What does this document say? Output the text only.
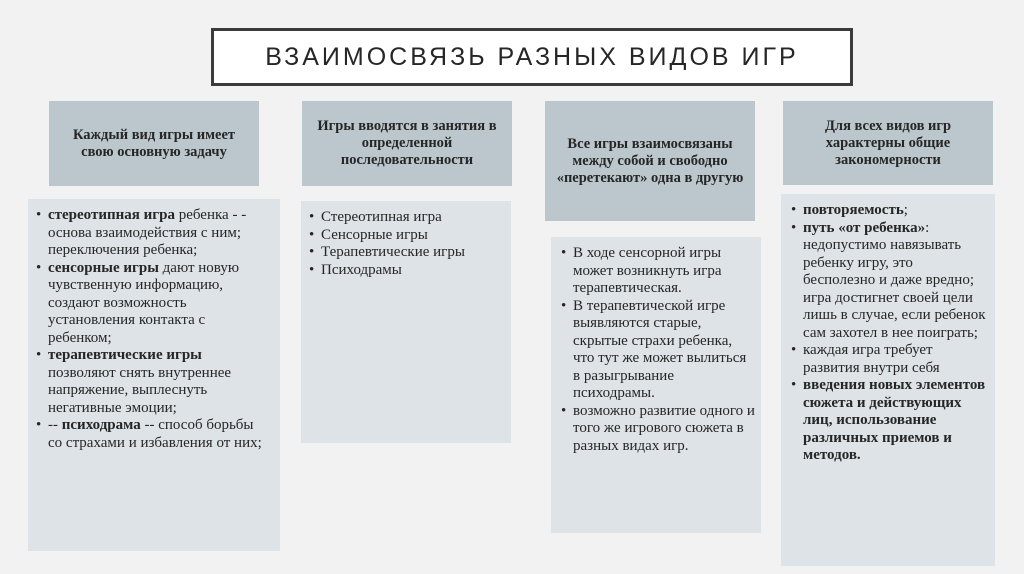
ВЗАИМОСВЯЗЬ РАЗНЫХ ВИДОВ ИГР
Каждый вид игры имеет свою основную задачу
• стереотипная игра ребенка - - основа взаимодействия с ним; переключения ребенка;
• сенсорные игры дают новую чувственную информацию, создают возможность установления контакта с ребенком;
• терапевтические игры позволяют снять внутреннее напряжение, выплеснуть негативные эмоции;
• -- психодрама -- способ борьбы со страхами и избавления от них;
Игры вводятся в занятия в определенной последовательности
• Стереотипная игра
• Сенсорные игры
• Терапевтические игры
• Психодрамы
Все игры взаимосвязаны между собой и свободно «перетекают» одна в другую
• В ходе сенсорной игры может возникнуть игра терапевтическая.
• В терапевтической игре выявляются старые, скрытые страхи ребенка, что тут же может вылиться в разыгрывание психодрамы.
• возможно развитие одного и того же игрового сюжета в разных видах игр.
Для всех видов игр характерны общие закономерности
• повторяемость;
• путь «от ребенка»: недопустимо навязывать ребенку игру, это бесполезно и даже вредно; игра достигнет своей цели лишь в случае, если ребенок сам захотел в нее поиграть;
• каждая игра требует развития внутри себя
• введения новых элементов сюжета и действующих лиц, использование различных приемов и методов.
